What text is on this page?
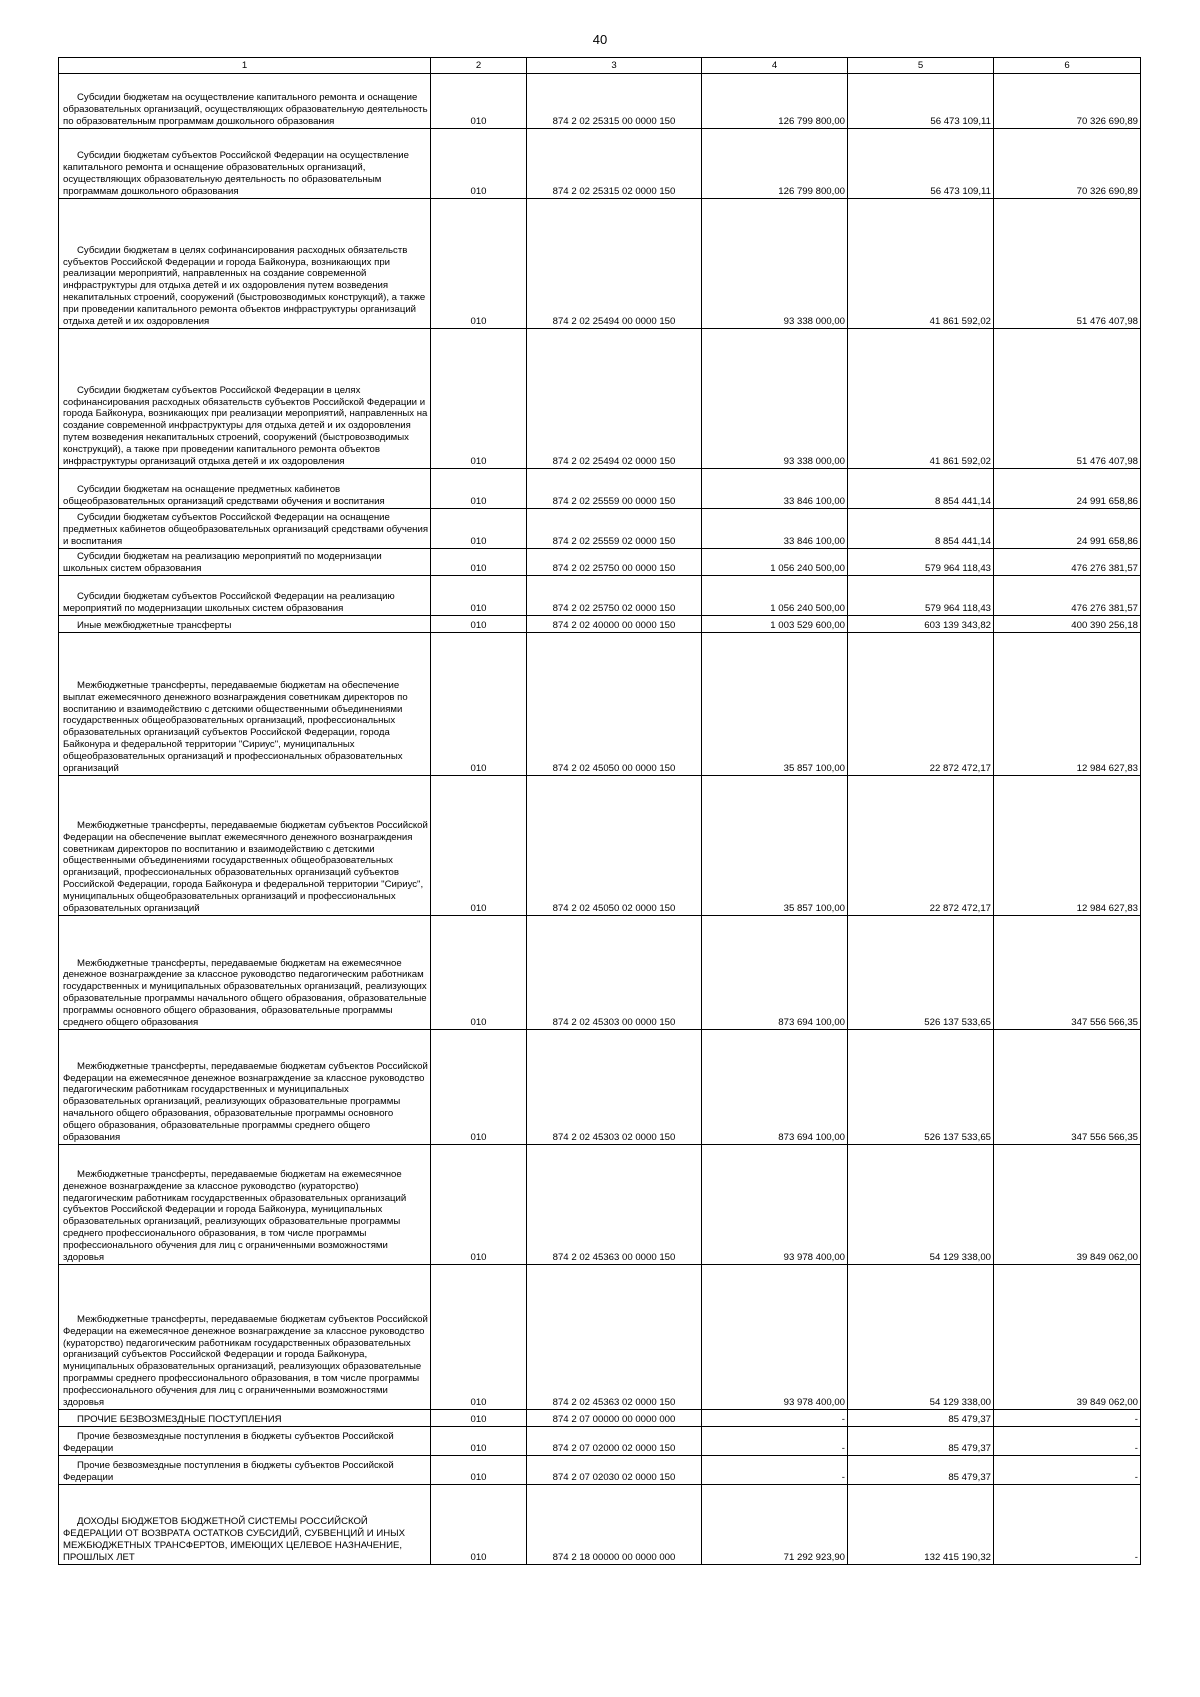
40
1	2	3	4	5	6
Субсидии бюджетам на осуществление капитального ремонта и оснащение образовательных организаций, осуществляющих образовательную деятельность по образовательным программам дошкольного образования	010	874 2 02 25315 00 0000 150	126 799 800,00	56 473 109,11	70 326 690,89
Субсидии бюджетам субъектов Российской Федерации на осуществление капитального ремонта и оснащение образовательных организаций, осуществляющих образовательную деятельность по образовательным программам дошкольного образования	010	874 2 02 25315 02 0000 150	126 799 800,00	56 473 109,11	70 326 690,89
Субсидии бюджетам в целях софинансирования расходных обязательств субъектов Российской Федерации и города Байконура, возникающих при реализации мероприятий, направленных на создание современной инфраструктуры для отдыха детей и их оздоровления путем возведения некапитальных строений, сооружений (быстровозводимых конструкций), а также при проведении капитального ремонта объектов инфраструктуры организаций отдыха детей и их оздоровления	010	874 2 02 25494 00 0000 150	93 338 000,00	41 861 592,02	51 476 407,98
Субсидии бюджетам субъектов Российской Федерации в целях софинансирования расходных обязательств субъектов Российской Федерации и города Байконура, возникающих при реализации мероприятий, направленных на создание современной инфраструктуры для отдыха детей и их оздоровления путем возведения некапитальных строений, сооружений (быстровозводимых конструкций), а также при проведении капитального ремонта объектов инфраструктуры организаций отдыха детей и их оздоровления	010	874 2 02 25494 02 0000 150	93 338 000,00	41 861 592,02	51 476 407,98
Субсидии бюджетам на оснащение предметных кабинетов общеобразовательных организаций средствами обучения и воспитания	010	874 2 02 25559 00 0000 150	33 846 100,00	8 854 441,14	24 991 658,86
Субсидии бюджетам субъектов Российской Федерации на оснащение предметных кабинетов общеобразовательных организаций средствами обучения и воспитания	010	874 2 02 25559 02 0000 150	33 846 100,00	8 854 441,14	24 991 658,86
Субсидии бюджетам на реализацию мероприятий по модернизации школьных систем образования	010	874 2 02 25750 00 0000 150	1 056 240 500,00	579 964 118,43	476 276 381,57
Субсидии бюджетам субъектов Российской Федерации на реализацию мероприятий по модернизации школьных систем образования	010	874 2 02 25750 02 0000 150	1 056 240 500,00	579 964 118,43	476 276 381,57
Иные межбюджетные трансферты	010	874 2 02 40000 00 0000 150	1 003 529 600,00	603 139 343,82	400 390 256,18
Межбюджетные трансферты, передаваемые бюджетам на обеспечение выплат ежемесячного денежного вознаграждения советникам директоров по воспитанию и взаимодействию с детскими общественными объединениями государственных общеобразовательных организаций, профессиональных образовательных организаций субъектов Российской Федерации, города Байконура и федеральной территории "Сириус", муниципальных общеобразовательных организаций и профессиональных образовательных организаций	010	874 2 02 45050 00 0000 150	35 857 100,00	22 872 472,17	12 984 627,83
Межбюджетные трансферты, передаваемые бюджетам субъектов Российской Федерации на обеспечение выплат ежемесячного денежного вознаграждения советникам директоров по воспитанию и взаимодействию с детскими общественными объединениями государственных общеобразовательных организаций, профессиональных образовательных организаций субъектов Российской Федерации, города Байконура и федеральной территории "Сириус", муниципальных общеобразовательных организаций и профессиональных образовательных организаций	010	874 2 02 45050 02 0000 150	35 857 100,00	22 872 472,17	12 984 627,83
Межбюджетные трансферты, передаваемые бюджетам на ежемесячное денежное вознаграждение за классное руководство педагогическим работникам государственных и муниципальных образовательных организаций, реализующих образовательные программы начального общего образования, образовательные программы основного общего образования, образовательные программы среднего общего образования	010	874 2 02 45303 00 0000 150	873 694 100,00	526 137 533,65	347 556 566,35
Межбюджетные трансферты, передаваемые бюджетам субъектов Российской Федерации на ежемесячное денежное вознаграждение за классное руководство педагогическим работникам государственных и муниципальных образовательных организаций, реализующих образовательные программы начального общего образования, образовательные программы основного общего образования, образовательные программы среднего общего образования	010	874 2 02 45303 02 0000 150	873 694 100,00	526 137 533,65	347 556 566,35
Межбюджетные трансферты, передаваемые бюджетам на ежемесячное денежное вознаграждение за классное руководство (кураторство) педагогическим работникам государственных образовательных организаций субъектов Российской Федерации и города Байконура, муниципальных образовательных организаций, реализующих образовательные программы среднего профессионального образования, в том числе программы профессионального обучения для лиц с ограниченными возможностями здоровья	010	874 2 02 45363 00 0000 150	93 978 400,00	54 129 338,00	39 849 062,00
Межбюджетные трансферты, передаваемые бюджетам субъектов Российской Федерации на ежемесячное денежное вознаграждение за классное руководство (кураторство) педагогическим работникам государственных образовательных организаций субъектов Российской Федерации и города Байконура, муниципальных образовательных организаций, реализующих образовательные программы среднего профессионального образования, в том числе программы профессионального обучения для лиц с ограниченными возможностями здоровья	010	874 2 02 45363 02 0000 150	93 978 400,00	54 129 338,00	39 849 062,00
ПРОЧИЕ БЕЗВОЗМЕЗДНЫЕ ПОСТУПЛЕНИЯ	010	874 2 07 00000 00 0000 000	-	85 479,37	-
Прочие безвозмездные поступления в бюджеты субъектов Российской Федерации	010	874 2 07 02000 02 0000 150	-	85 479,37	-
Прочие безвозмездные поступления в бюджеты субъектов Российской Федерации	010	874 2 07 02030 02 0000 150	-	85 479,37	-
ДОХОДЫ БЮДЖЕТОВ БЮДЖЕТНОЙ СИСТЕМЫ РОССИЙСКОЙ ФЕДЕРАЦИИ ОТ ВОЗВРАТА ОСТАТКОВ СУБСИДИЙ, СУБВЕНЦИЙ И ИНЫХ МЕЖБЮДЖЕТНЫХ ТРАНСФЕРТОВ, ИМЕЮЩИХ ЦЕЛЕВОЕ НАЗНАЧЕНИЕ, ПРОШЛЫХ ЛЕТ	010	874 2 18 00000 00 0000 000	71 292 923,90	132 415 190,32	-
